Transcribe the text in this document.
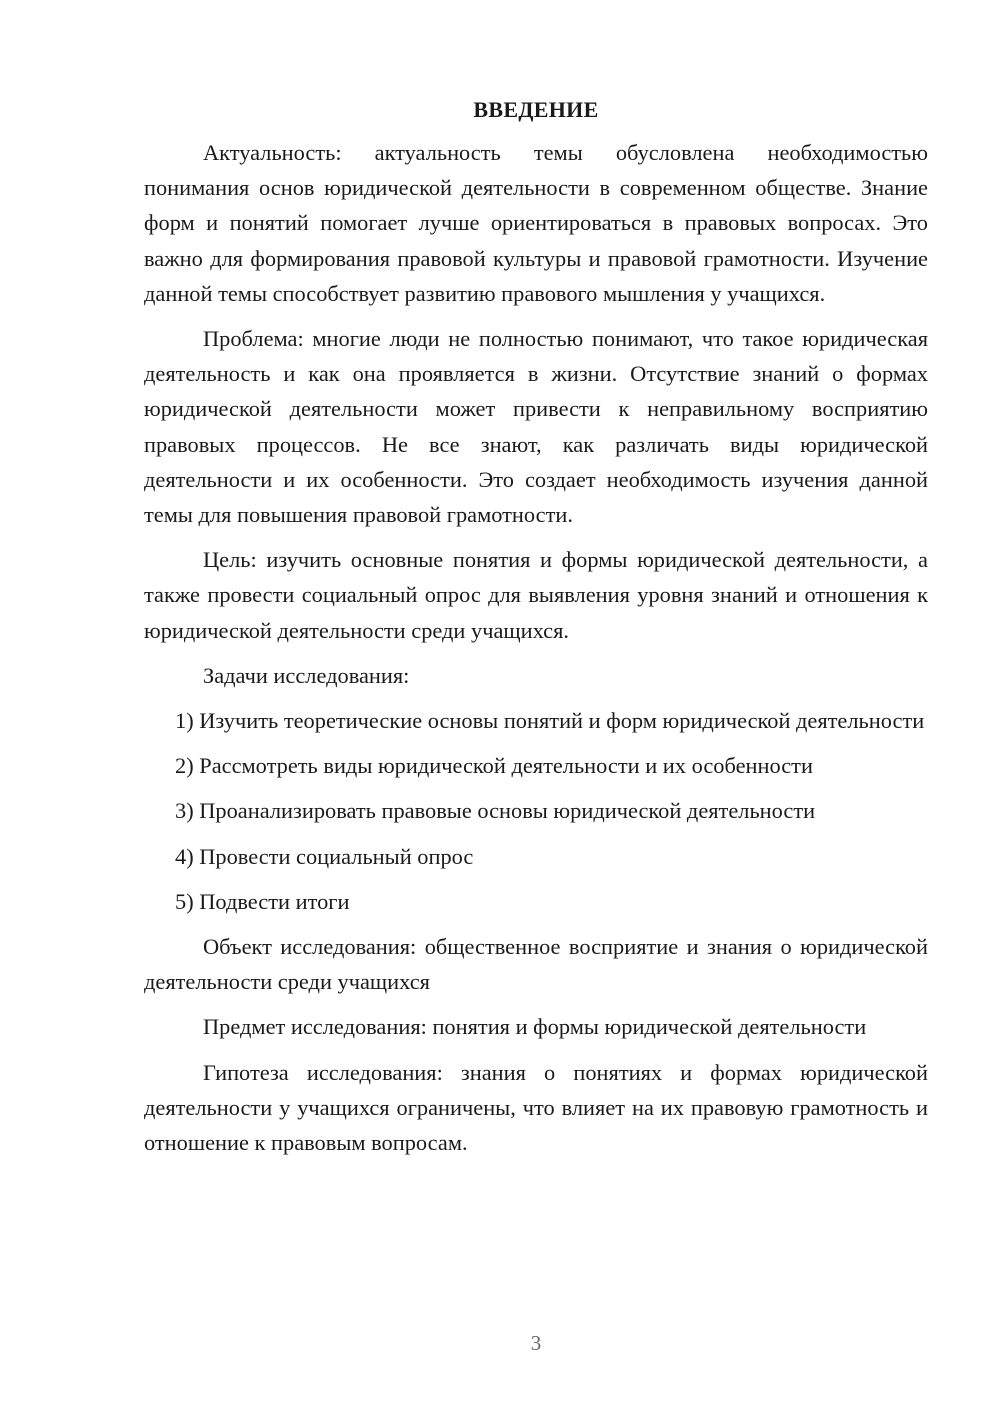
ВВЕДЕНИЕ

Актуальность: актуальность темы обусловлена необходимостью понимания основ юридической деятельности в современном обществе. Знание форм и понятий помогает лучше ориентироваться в правовых вопросах. Это важно для формирования правовой культуры и правовой грамотности. Изучение данной темы способствует развитию правового мышления у учащихся.

Проблема: многие люди не полностью понимают, что такое юридическая деятельность и как она проявляется в жизни. Отсутствие знаний о формах юридической деятельности может привести к неправильному восприятию правовых процессов. Не все знают, как различать виды юридической деятельности и их особенности. Это создает необходимость изучения данной темы для повышения правовой грамотности.

Цель: изучить основные понятия и формы юридической деятельности, а также провести социальный опрос для выявления уровня знаний и отношения к юридической деятельности среди учащихся.

Задачи исследования:

1) Изучить теоретические основы понятий и форм юридической деятельности

2) Рассмотреть виды юридической деятельности и их особенности

3) Проанализировать правовые основы юридической деятельности

4) Провести социальный опрос

5) Подвести итоги

Объект исследования: общественное восприятие и знания о юридической деятельности среди учащихся

Предмет исследования: понятия и формы юридической деятельности

Гипотеза исследования: знания о понятиях и формах юридической деятельности у учащихся ограничены, что влияет на их правовую грамотность и отношение к правовым вопросам.

3
